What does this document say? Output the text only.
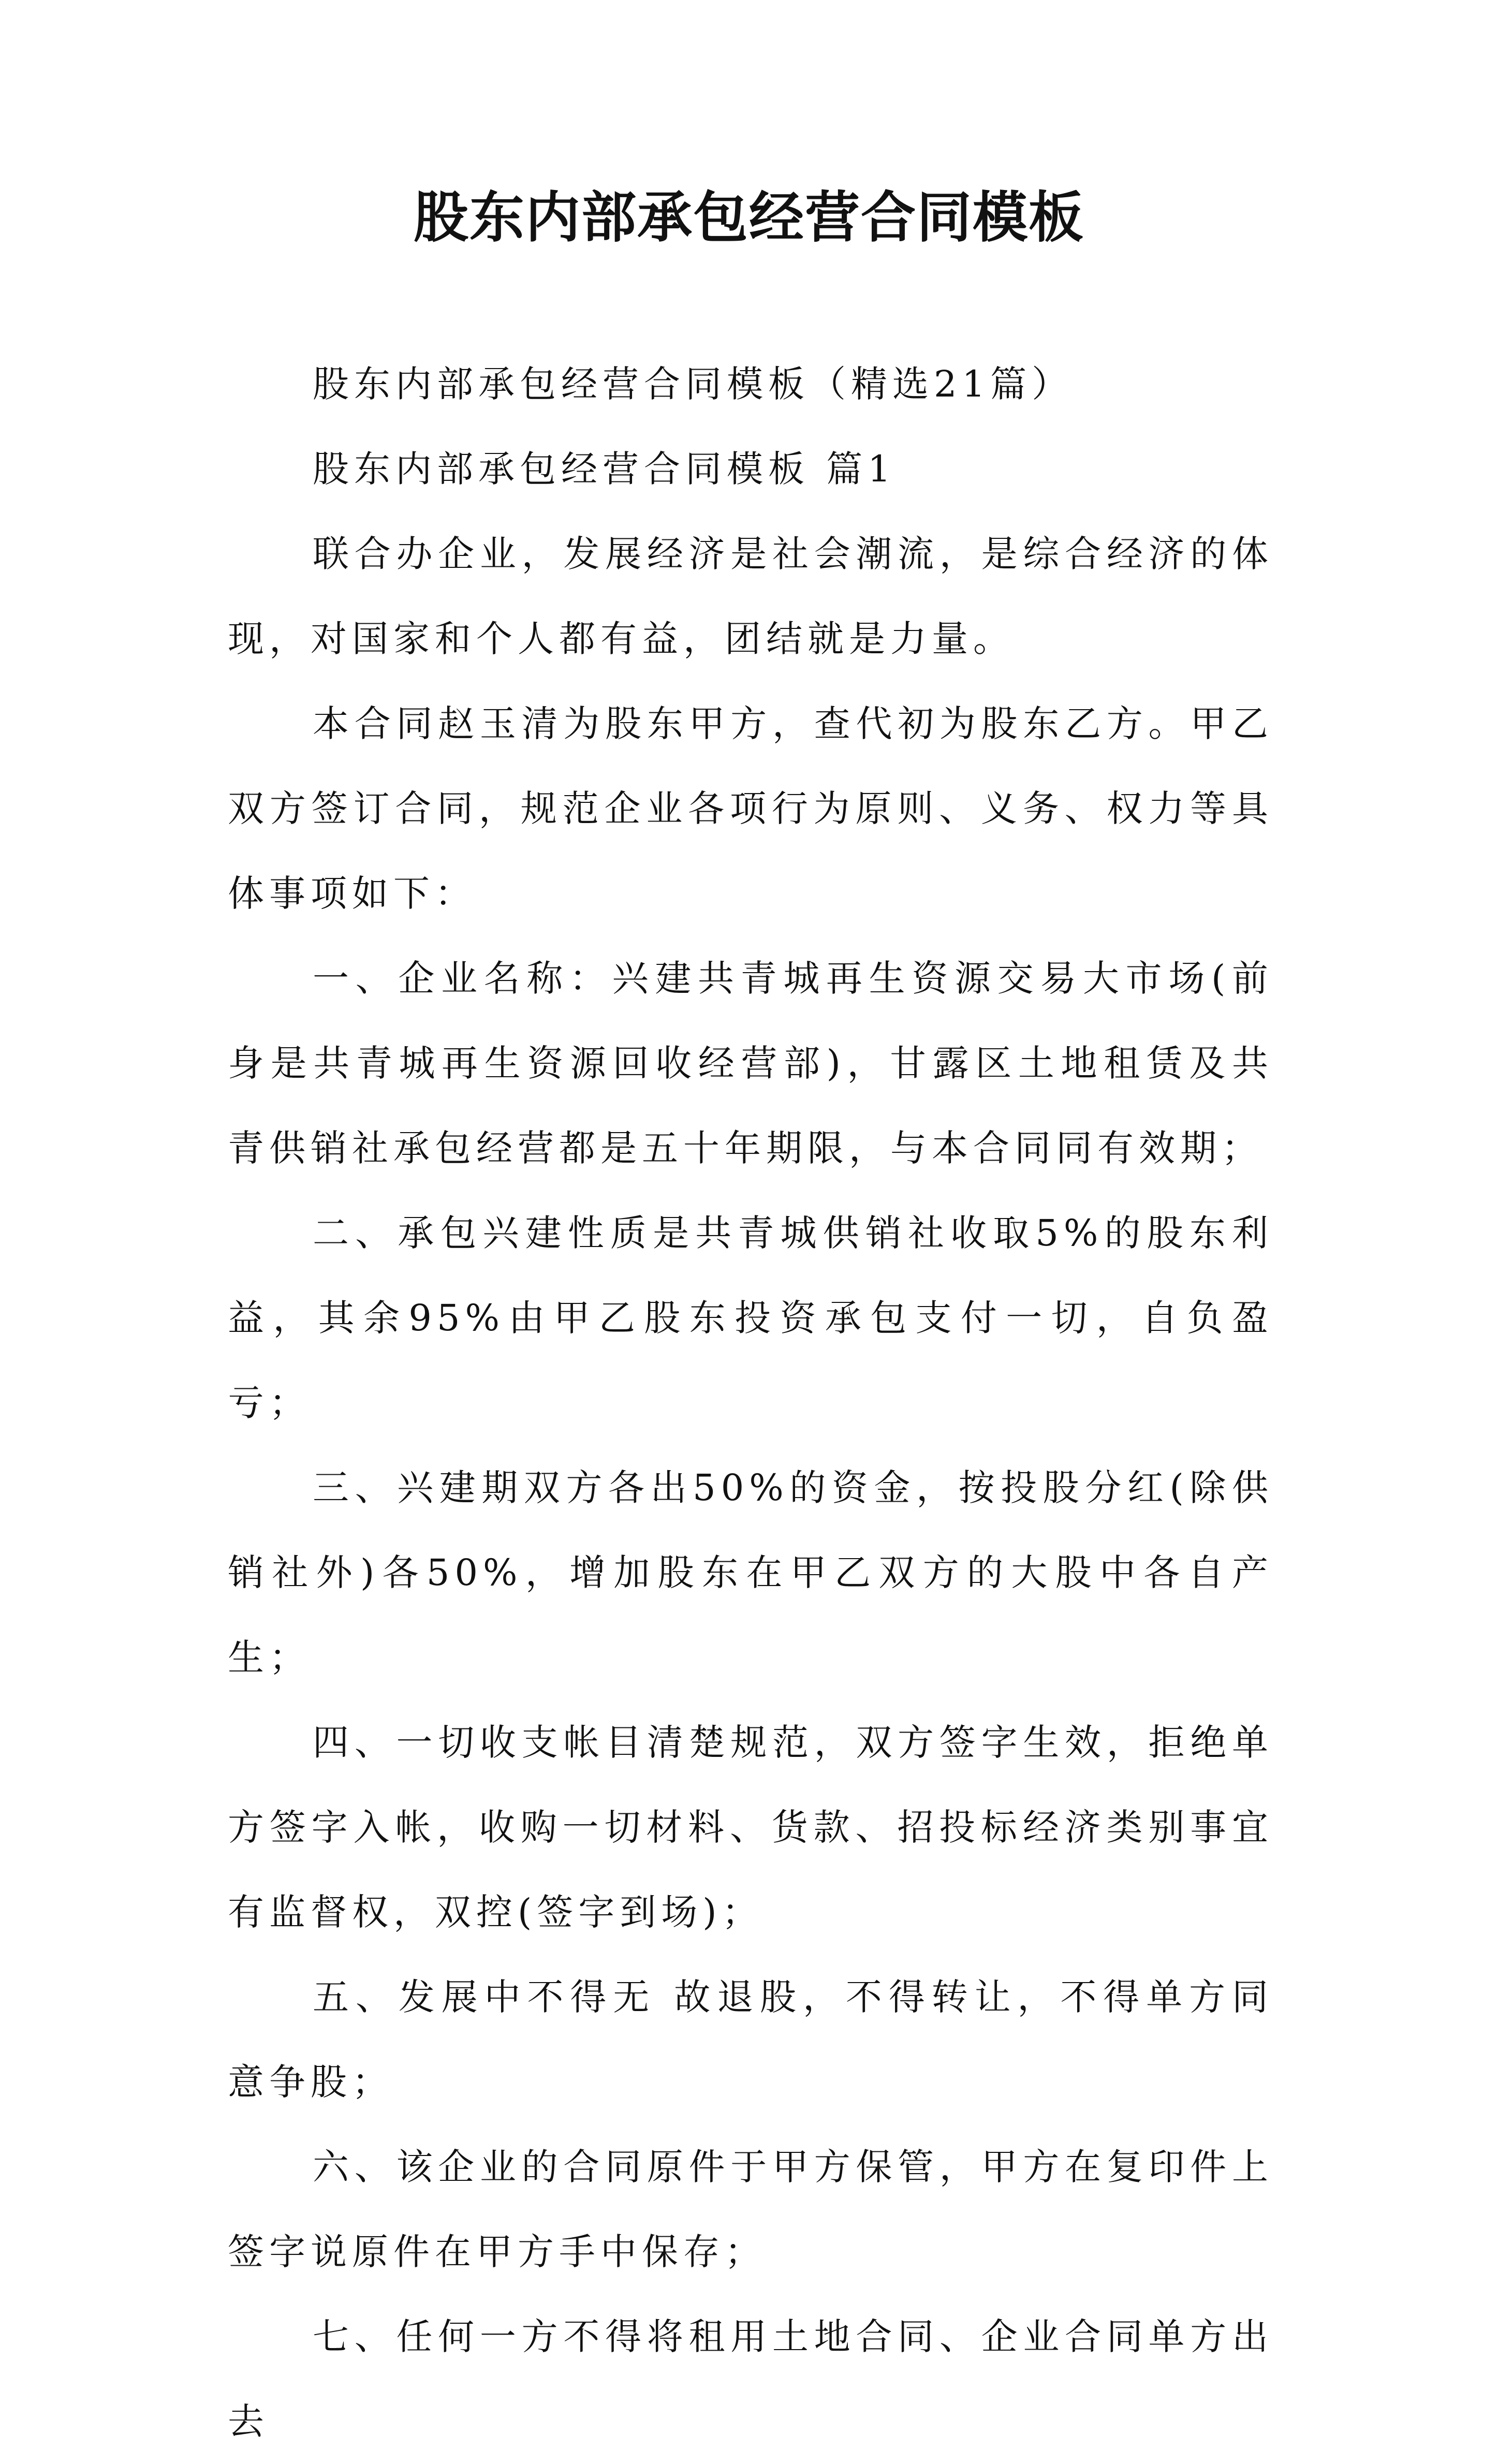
股东内部承包经营合同模板

股东内部承包经营合同模板（精选21篇）

股东内部承包经营合同模板 篇1

联合办企业，发展经济是社会潮流，是综合经济的体现，对国家和个人都有益，团结就是力量。

本合同赵玉清为股东甲方，查代初为股东乙方。甲乙双方签订合同，规范企业各项行为原则、义务、权力等具体事项如下：

一、企业名称：兴建共青城再生资源交易大市场(前身是共青城再生资源回收经营部)，甘露区土地租赁及共青供销社承包经营都是五十年期限，与本合同同有效期；

二、承包兴建性质是共青城供销社收取5%的股东利益，其余95%由甲乙股东投资承包支付一切，自负盈亏；

三、兴建期双方各出50%的资金，按投股分红(除供销社外)各50%，增加股东在甲乙双方的大股中各自产生；

四、一切收支帐目清楚规范，双方签字生效，拒绝单方签字入帐，收购一切材料、货款、招投标经济类别事宜有监督权，双控(签字到场)；

五、发展中不得无 故退股，不得转让，不得单方同意争股；

六、该企业的合同原件于甲方保管，甲方在复印件上签字说原件在甲方手中保存；

七、任何一方不得将租用土地合同、企业合同单方出去
